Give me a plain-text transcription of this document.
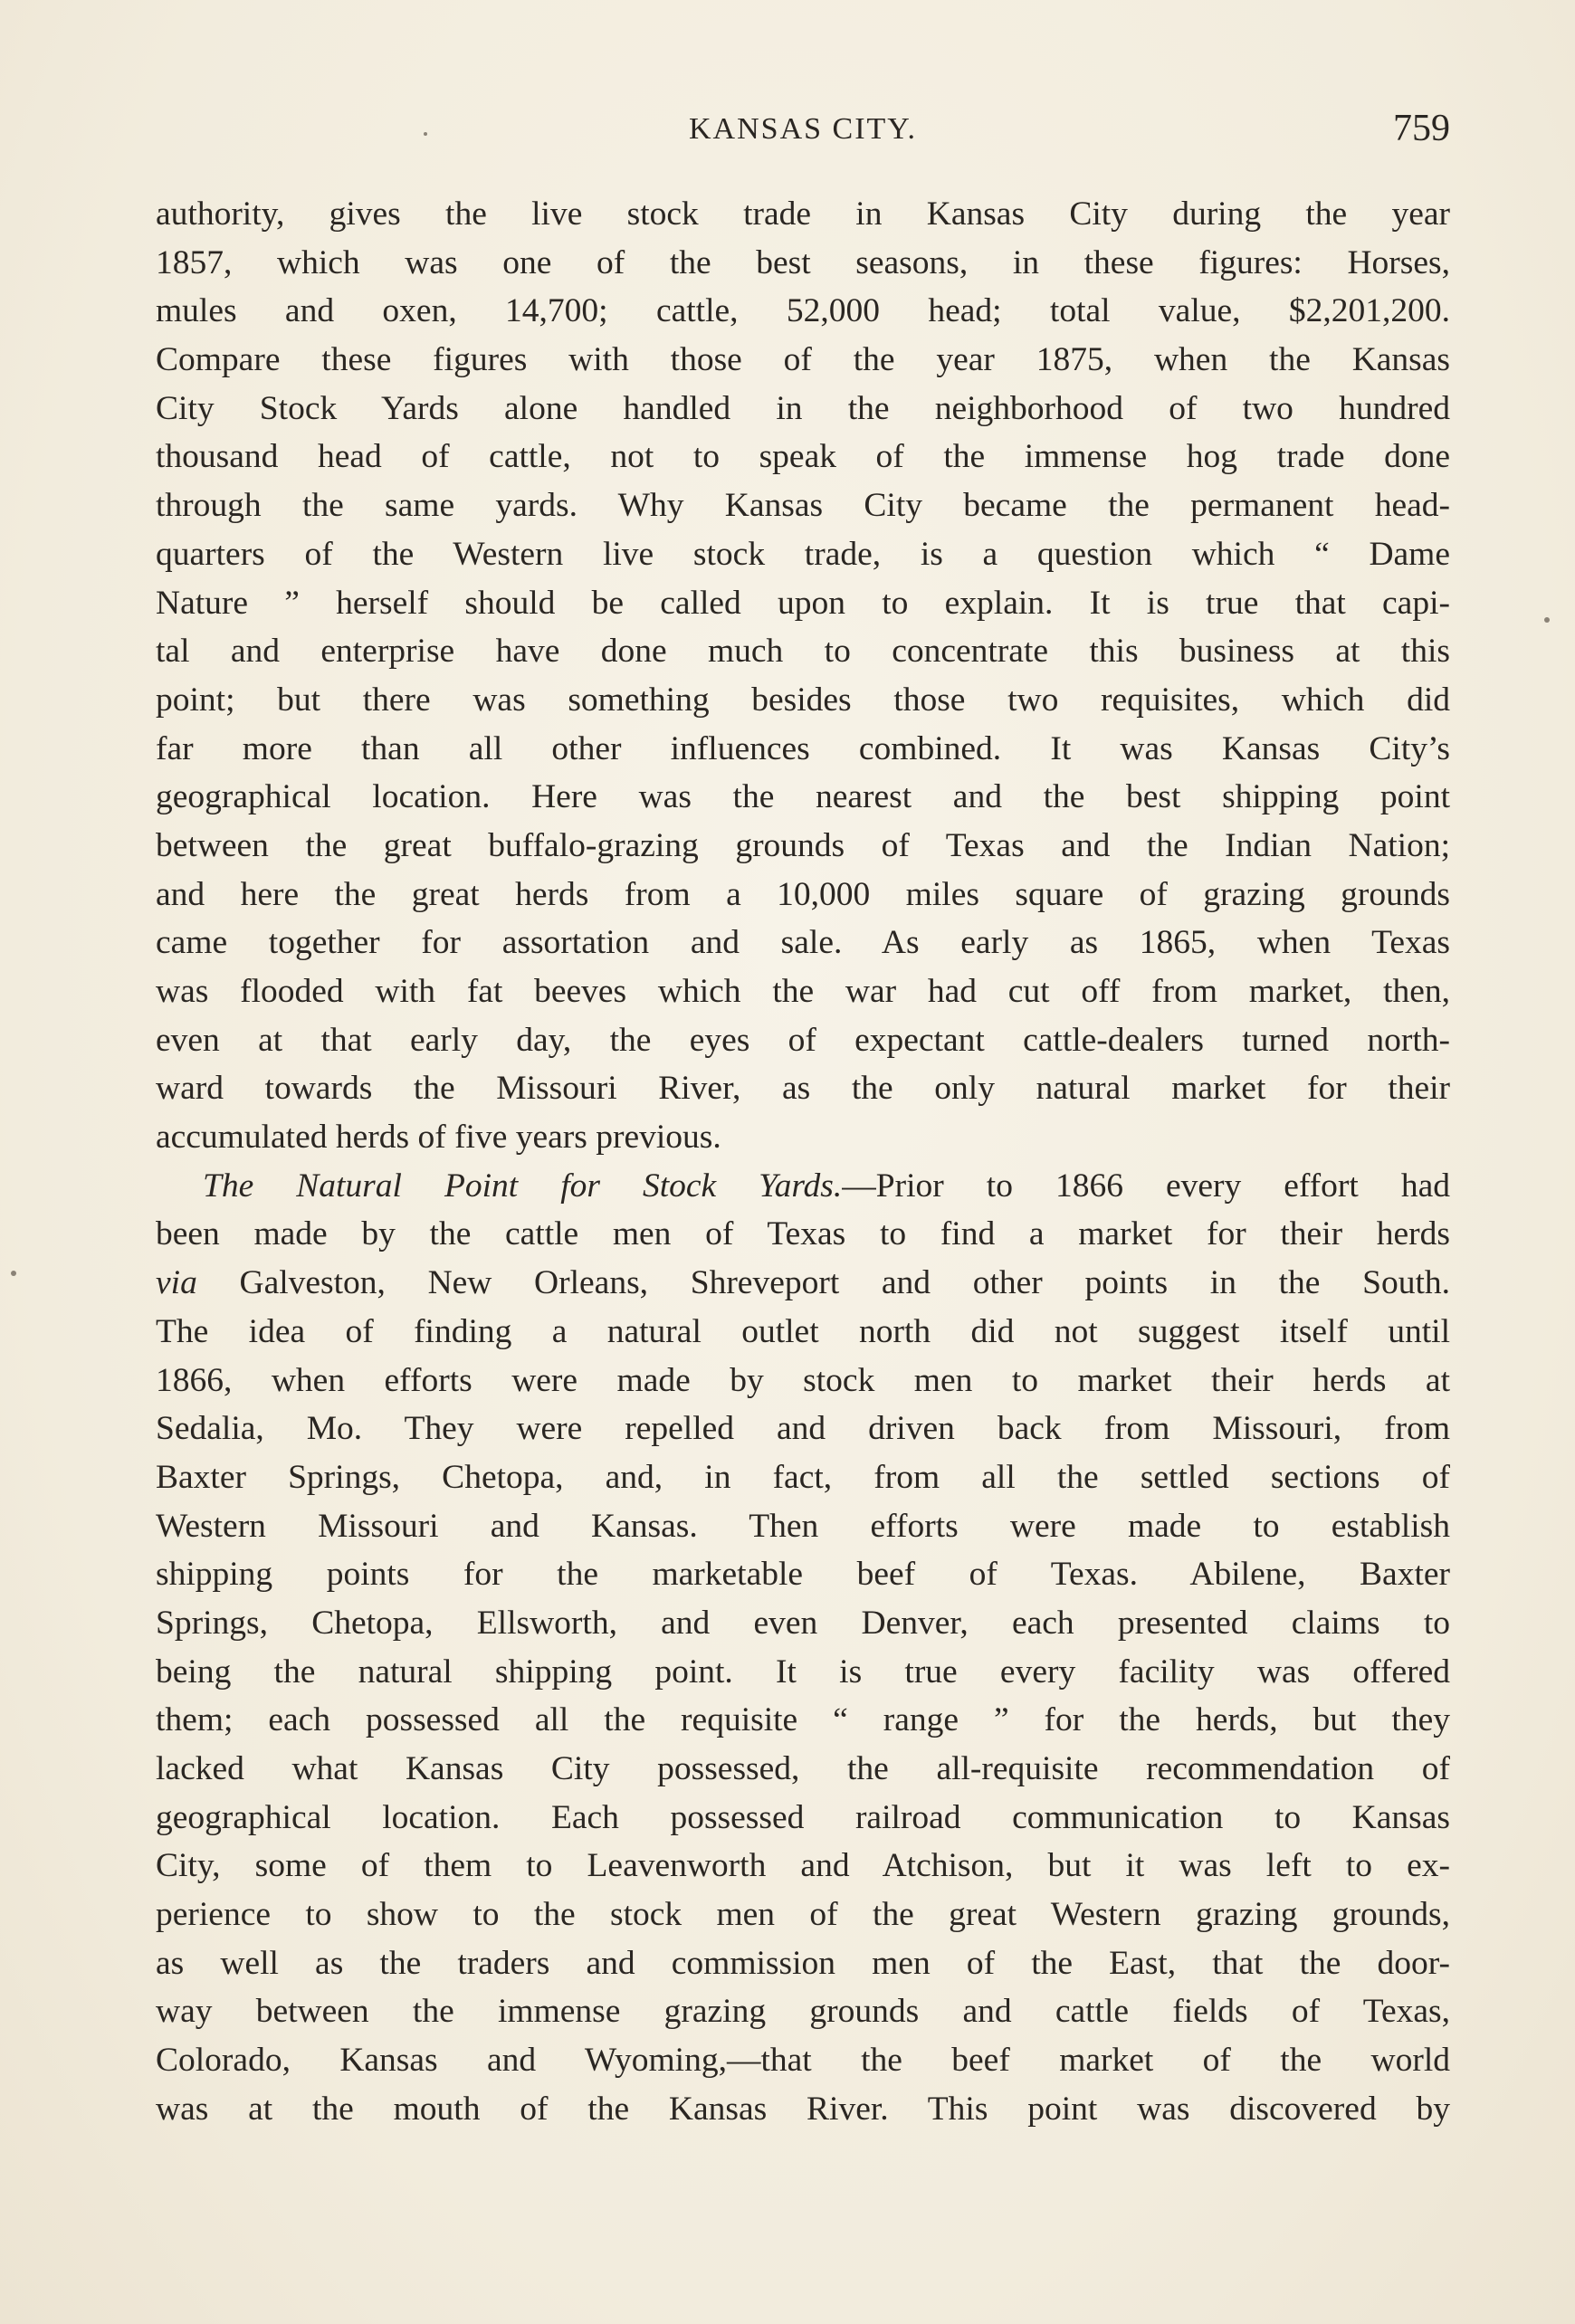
KANSAS CITY.	759
authority, gives the live stock trade in Kansas City during the year
1857, which was one of the best seasons, in these figures: Horses,
mules and oxen, 14,700; cattle, 52,000 head; total value, $2,201,200.
Compare these figures with those of the year 1875, when the Kansas
City Stock Yards alone handled in the neighborhood of two hundred
thousand head of cattle, not to speak of the immense hog trade done
through the same yards. Why Kansas City became the permanent head-
quarters of the Western live stock trade, is a question which “ Dame
Nature ” herself should be called upon to explain. It is true that capi-
tal and enterprise have done much to concentrate this business at this
point; but there was something besides those two requisites, which did
far more than all other influences combined. It was Kansas City’s
geographical location. Here was the nearest and the best shipping point
between the great buffalo-grazing grounds of Texas and the Indian Nation;
and here the great herds from a 10,000 miles square of grazing grounds
came together for assortation and sale. As early as 1865, when Texas
was flooded with fat beeves which the war had cut off from market, then,
even at that early day, the eyes of expectant cattle-dealers turned north-
ward towards the Missouri River, as the only natural market for their
accumulated herds of five years previous.
The Natural Point for Stock Yards.—Prior to 1866 every effort had
been made by the cattle men of Texas to find a market for their herds
via Galveston, New Orleans, Shreveport and other points in the South.
The idea of finding a natural outlet north did not suggest itself until
1866, when efforts were made by stock men to market their herds at
Sedalia, Mo. They were repelled and driven back from Missouri, from
Baxter Springs, Chetopa, and, in fact, from all the settled sections of
Western Missouri and Kansas. Then efforts were made to establish
shipping points for the marketable beef of Texas. Abilene, Baxter
Springs, Chetopa, Ellsworth, and even Denver, each presented claims to
being the natural shipping point. It is true every facility was offered
them; each possessed all the requisite “ range ” for the herds, but they
lacked what Kansas City possessed, the all-requisite recommendation of
geographical location. Each possessed railroad communication to Kansas
City, some of them to Leavenworth and Atchison, but it was left to ex-
perience to show to the stock men of the great Western grazing grounds,
as well as the traders and commission men of the East, that the door-
way between the immense grazing grounds and cattle fields of Texas,
Colorado, Kansas and Wyoming,—that the beef market of the world
was at the mouth of the Kansas River. This point was discovered by
